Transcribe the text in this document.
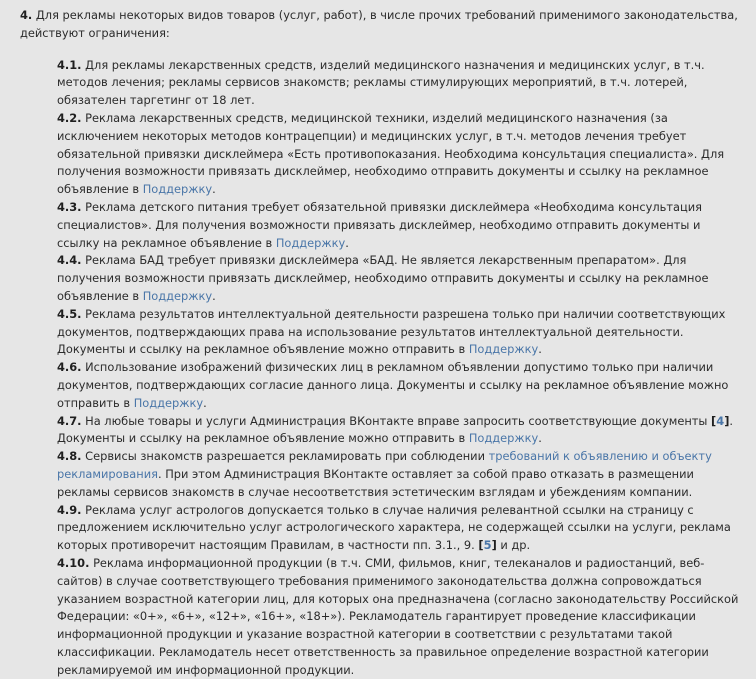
4. Для рекламы некоторых видов товаров (услуг, работ), в числе прочих требований применимого законодательства, действуют ограничения:

4.1. Для рекламы лекарственных средств, изделий медицинского назначения и медицинских услуг, в т.ч. методов лечения; рекламы сервисов знакомств; рекламы стимулирующих мероприятий, в т.ч. лотерей, обязателен таргетинг от 18 лет.

4.2. Реклама лекарственных средств, медицинской техники, изделий медицинского назначения (за исключением некоторых методов контрацепции) и медицинских услуг, в т.ч. методов лечения требует обязательной привязки дисклеймера «Есть противопоказания. Необходима консультация специалиста». Для получения возможности привязать дисклеймер, необходимо отправить документы и ссылку на рекламное объявление в Поддержку.

4.3. Реклама детского питания требует обязательной привязки дисклеймера «Необходима консультация специалистов». Для получения возможности привязать дисклеймер, необходимо отправить документы и ссылку на рекламное объявление в Поддержку.

4.4. Реклама БАД требует привязки дисклеймера «БАД. Не является лекарственным препаратом». Для получения возможности привязать дисклеймер, необходимо отправить документы и ссылку на рекламное объявление в Поддержку.

4.5. Реклама результатов интеллектуальной деятельности разрешена только при наличии соответствующих документов, подтверждающих права на использование результатов интеллектуальной деятельности. Документы и ссылку на рекламное объявление можно отправить в Поддержку.

4.6. Использование изображений физических лиц в рекламном объявлении допустимо только при наличии документов, подтверждающих согласие данного лица. Документы и ссылку на рекламное объявление можно отправить в Поддержку.

4.7. На любые товары и услуги Администрация ВКонтакте вправе запросить соответствующие документы [4]. Документы и ссылку на рекламное объявление можно отправить в Поддержку.

4.8. Сервисы знакомств разрешается рекламировать при соблюдении требований к объявлению и объекту рекламирования. При этом Администрация ВКонтакте оставляет за собой право отказать в размещении рекламы сервисов знакомств в случае несоответствия эстетическим взглядам и убеждениям компании.

4.9. Реклама услуг астрологов допускается только в случае наличия релевантной ссылки на страницу с предложением исключительно услуг астрологического характера, не содержащей ссылки на услуги, реклама которых противоречит настоящим Правилам, в частности пп. 3.1., 9. [5] и др.

4.10. Реклама информационной продукции (в т.ч. СМИ, фильмов, книг, телеканалов и радиостанций, веб-сайтов) в случае соответствующего требования применимого законодательства должна сопровождаться указанием возрастной категории лиц, для которых она предназначена (согласно законодательству Российской Федерации: «0+», «6+», «12+», «16+», «18+»). Рекламодатель гарантирует проведение классификации информационной продукции и указание возрастной категории в соответствии с результатами такой классификации. Рекламодатель несет ответственность за правильное определение возрастной категории рекламируемой им информационной продукции.
